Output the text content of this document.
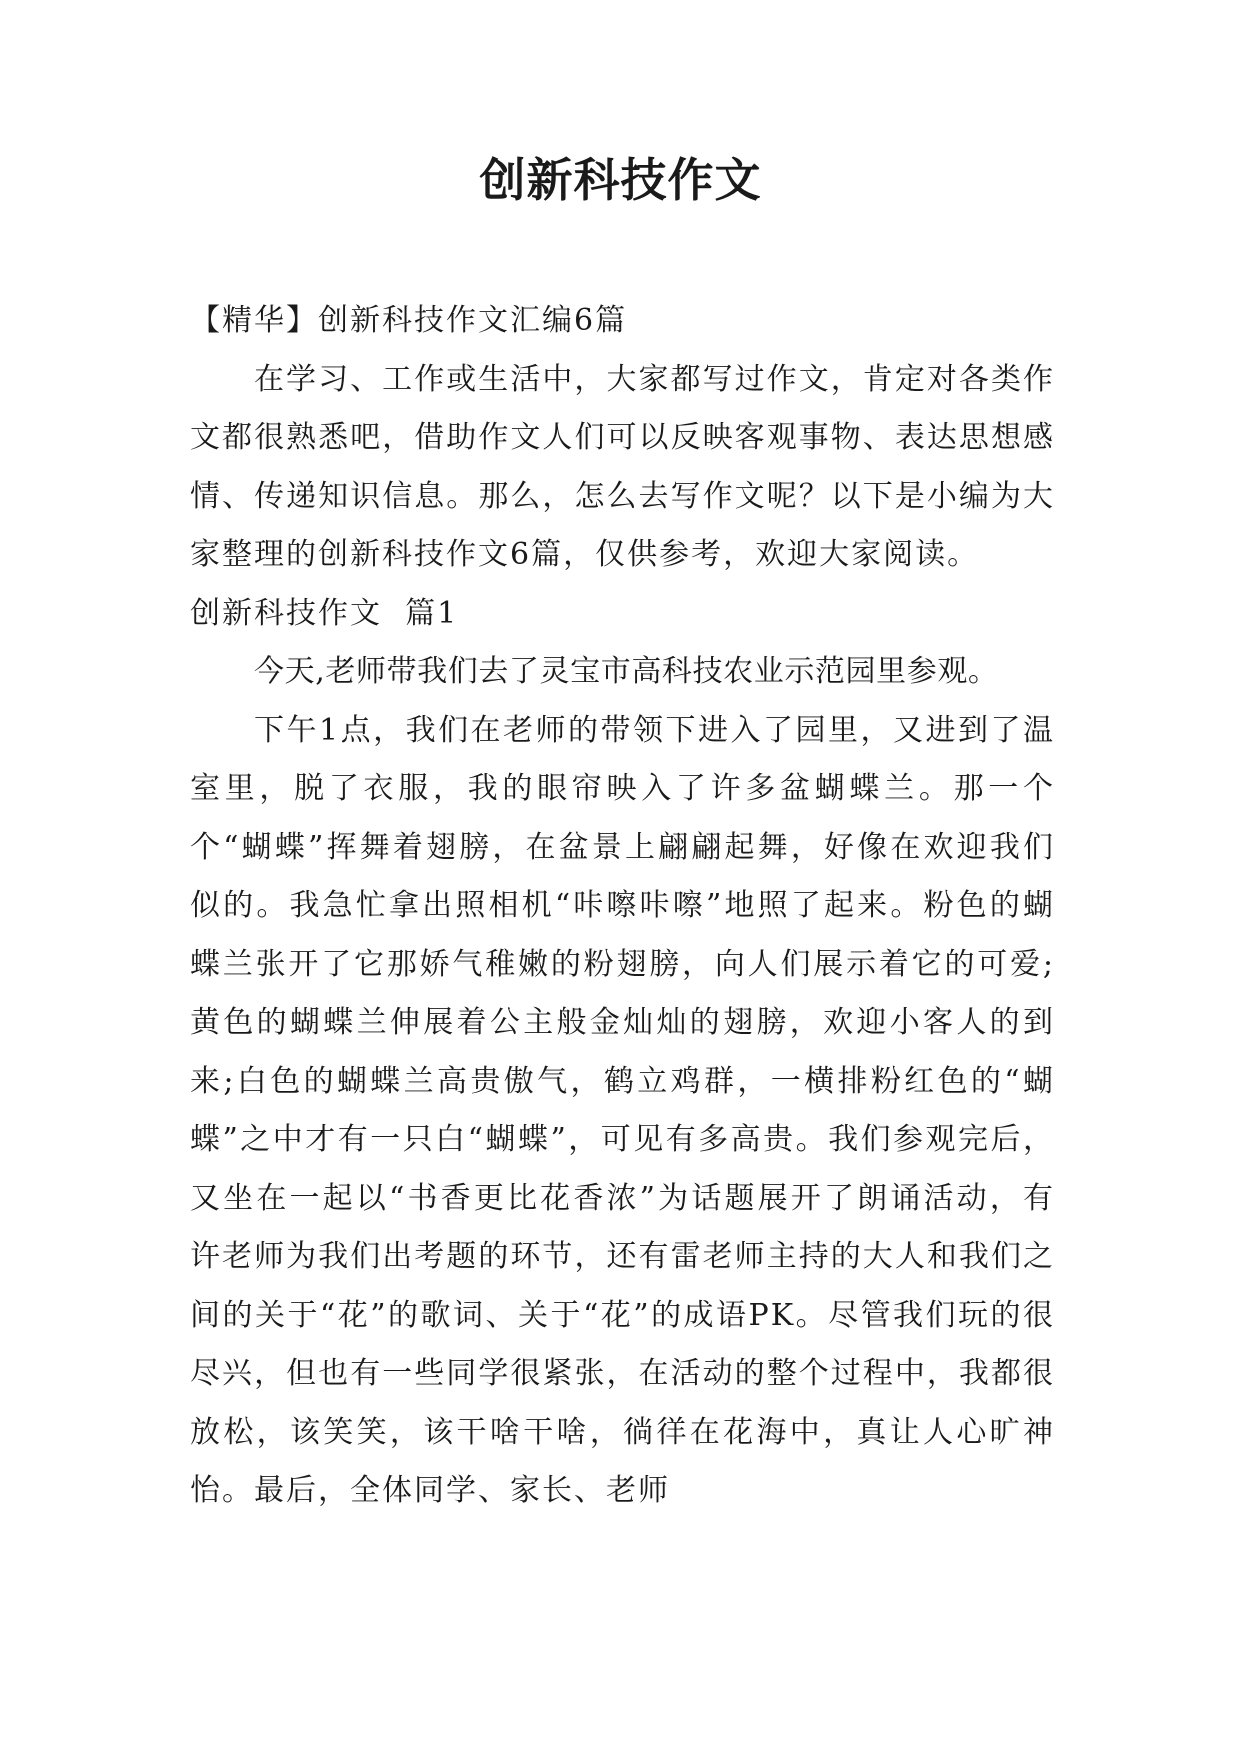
创新科技作文

【精华】创新科技作文汇编6篇

在学习、工作或生活中，大家都写过作文，肯定对各类作文都很熟悉吧，借助作文人们可以反映客观事物、表达思想感情、传递知识信息。那么，怎么去写作文呢？以下是小编为大家整理的创新科技作文6篇，仅供参考，欢迎大家阅读。

创新科技作文  篇1

今天,老师带我们去了灵宝市高科技农业示范园里参观。

下午1点，我们在老师的带领下进入了园里，又进到了温室里，脱了衣服，我的眼帘映入了许多盆蝴蝶兰。那一个个“蝴蝶”挥舞着翅膀，在盆景上翩翩起舞，好像在欢迎我们似的。我急忙拿出照相机“咔嚓咔嚓”地照了起来。粉色的蝴蝶兰张开了它那娇气稚嫩的粉翅膀，向人们展示着它的可爱;黄色的蝴蝶兰伸展着公主般金灿灿的翅膀，欢迎小客人的到来;白色的蝴蝶兰高贵傲气，鹤立鸡群，一横排粉红色的“蝴蝶”之中才有一只白“蝴蝶”，可见有多高贵。我们参观完后，又坐在一起以“书香更比花香浓”为话题展开了朗诵活动，有许老师为我们出考题的环节，还有雷老师主持的大人和我们之间的关于“花”的歌词、关于“花”的成语PK。尽管我们玩的很尽兴，但也有一些同学很紧张，在活动的整个过程中，我都很放松，该笑笑，该干啥干啥，徜徉在花海中，真让人心旷神怡。最后，全体同学、家长、老师
